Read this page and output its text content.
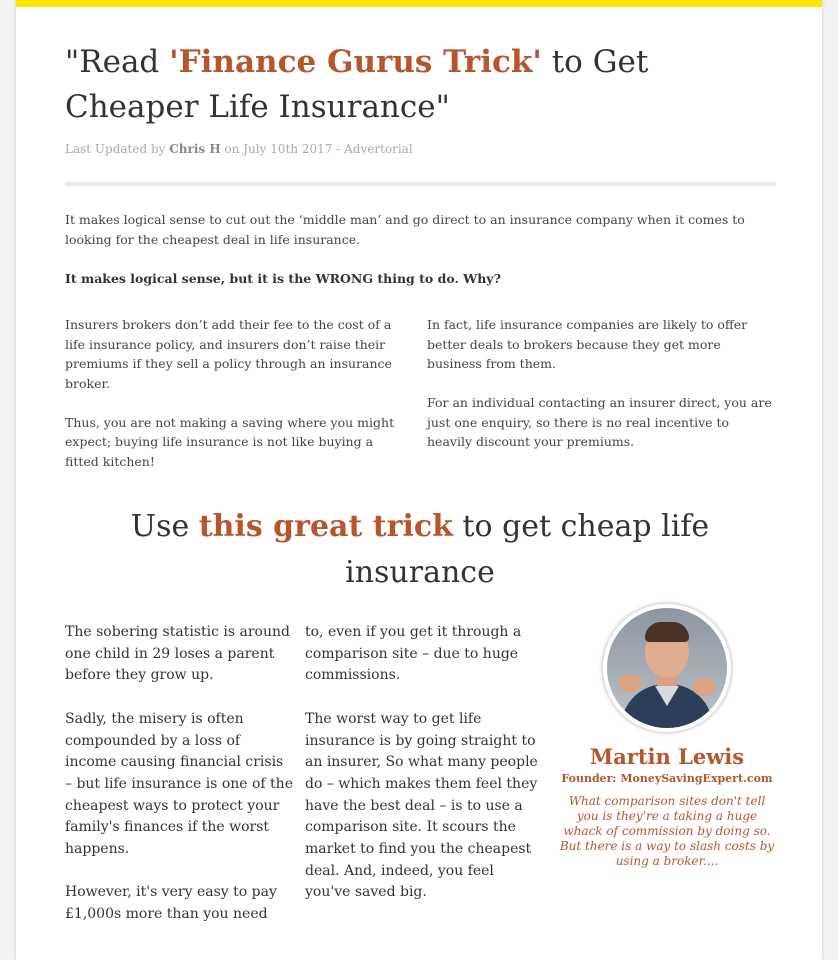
"Read 'Finance Gurus Trick' to Get Cheaper Life Insurance"
Last Updated by Chris H on July 10th 2017 - Advertorial

It makes logical sense to cut out the ‘middle man’ and go direct to an insurance company when it comes to looking for the cheapest deal in life insurance.

It makes logical sense, but it is the WRONG thing to do. Why?

Insurers brokers don’t add their fee to the cost of a life insurance policy, and insurers don’t raise their premiums if they sell a policy through an insurance broker.

Thus, you are not making a saving where you might expect; buying life insurance is not like buying a fitted kitchen!

In fact, life insurance companies are likely to offer better deals to brokers because they get more business from them.

For an individual contacting an insurer direct, you are just one enquiry, so there is no real incentive to heavily discount your premiums.

Use this great trick to get cheap life insurance

The sobering statistic is around one child in 29 loses a parent before they grow up.

Sadly, the misery is often compounded by a loss of income causing financial crisis – but life insurance is one of the cheapest ways to protect your family's finances if the worst happens.

However, it's very easy to pay £1,000s more than you need

to, even if you get it through a comparison site – due to huge commissions.

The worst way to get life insurance is by going straight to an insurer, So what many people do – which makes them feel they have the best deal – is to use a comparison site. It scours the market to find you the cheapest deal. And, indeed, you feel you've saved big.

Martin Lewis
Founder: MoneySavingExpert.com
What comparison sites don't tell you is they're a taking a huge whack of commission by doing so.
But there is a way to slash costs by using a broker....
